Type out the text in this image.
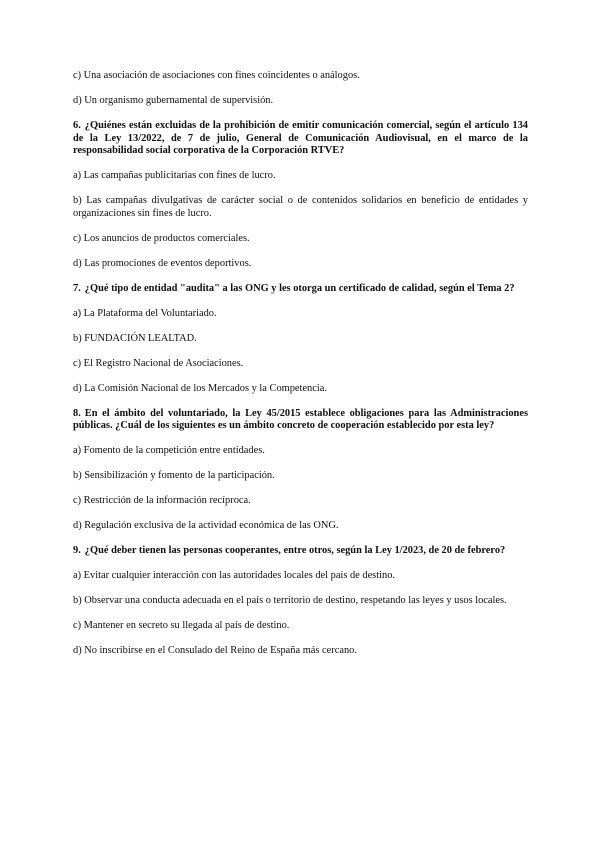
c) Una asociación de asociaciones con fines coincidentes o análogos.

d) Un organismo gubernamental de supervisión.

6. ¿Quiénes están excluidas de la prohibición de emitir comunicación comercial, según el artículo 134 de la Ley 13/2022, de 7 de julio, General de Comunicación Audiovisual, en el marco de la responsabilidad social corporativa de la Corporación RTVE?

a) Las campañas publicitarias con fines de lucro.

b) Las campañas divulgativas de carácter social o de contenidos solidarios en beneficio de entidades y organizaciones sin fines de lucro.

c) Los anuncios de productos comerciales.

d) Las promociones de eventos deportivos.

7. ¿Qué tipo de entidad "audita" a las ONG y les otorga un certificado de calidad, según el Tema 2?

a) La Plataforma del Voluntariado.

b) FUNDACIÓN LEALTAD.

c) El Registro Nacional de Asociaciones.

d) La Comisión Nacional de los Mercados y la Competencia.

8. En el ámbito del voluntariado, la Ley 45/2015 establece obligaciones para las Administraciones públicas. ¿Cuál de los siguientes es un ámbito concreto de cooperación establecido por esta ley?

a) Fomento de la competición entre entidades.

b) Sensibilización y fomento de la participación.

c) Restricción de la información recíproca.

d) Regulación exclusiva de la actividad económica de las ONG.

9. ¿Qué deber tienen las personas cooperantes, entre otros, según la Ley 1/2023, de 20 de febrero?

a) Evitar cualquier interacción con las autoridades locales del país de destino.

b) Observar una conducta adecuada en el país o territorio de destino, respetando las leyes y usos locales.

c) Mantener en secreto su llegada al país de destino.

d) No inscribirse en el Consulado del Reino de España más cercano.
